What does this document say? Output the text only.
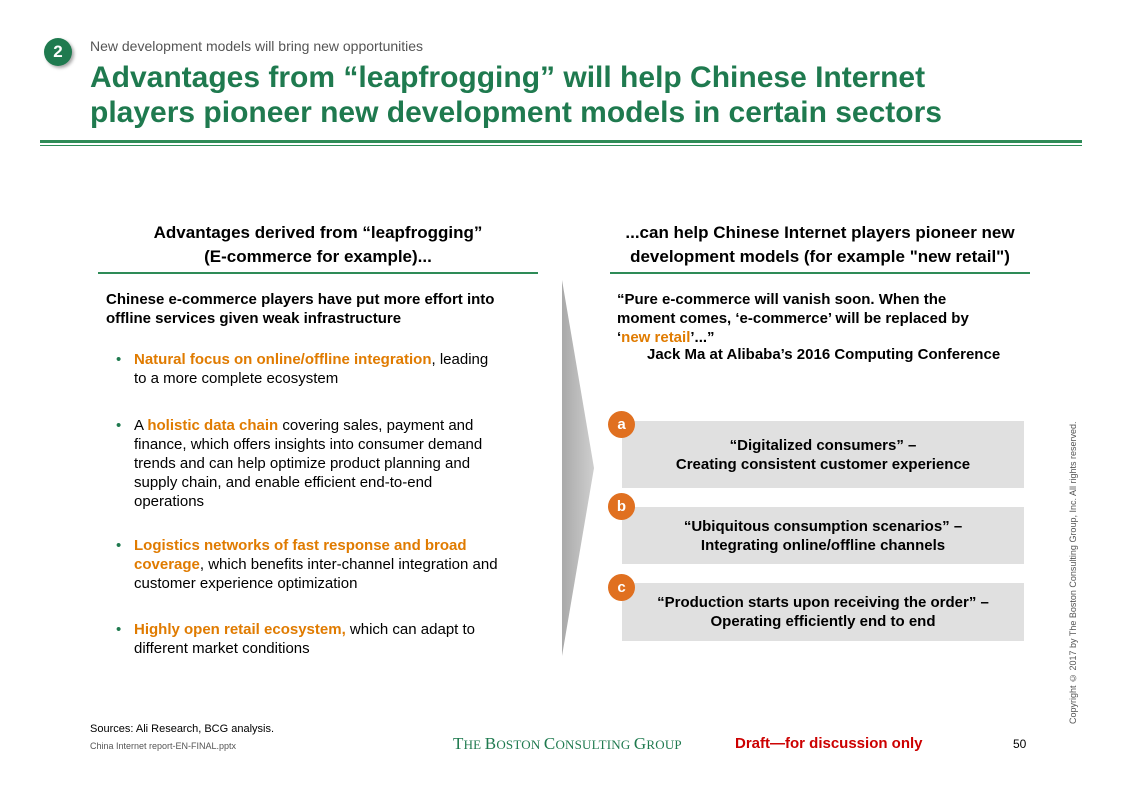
2	New development models will bring new opportunities
Advantages from “leapfrogging” will help Chinese Internet
players pioneer new development models in certain sectors
Advantages derived from “leapfrogging”
(E-commerce for example)...
Chinese e-commerce players have put more effort into
offline services given weak infrastructure
• Natural focus on online/offline integration, leading
to a more complete ecosystem
• A holistic data chain covering sales, payment and
finance, which offers insights into consumer demand
trends and can help optimize product planning and
supply chain, and enable efficient end-to-end
operations
• Logistics networks of fast response and broad
coverage, which benefits inter-channel integration and
customer experience optimization
• Highly open retail ecosystem, which can adapt to
different market conditions
...can help Chinese Internet players pioneer new
development models (for example "new retail")
“Pure e-commerce will vanish soon. When the
moment comes, ‘e-commerce’ will be replaced by
‘new retail’...”
Jack Ma at Alibaba’s 2016 Computing Conference
“Digitalized consumers” –
Creating consistent customer experience
a
“Ubiquitous consumption scenarios” –
Integrating online/offline channels
b
“Production starts upon receiving the order” –
Operating efficiently end to end
c
Sources: Ali Research, BCG analysis.
China Internet report-EN-FINAL.pptx	THE BOSTON CONSULTING GROUP	Draft—for discussion only	50
Copyright © 2017 by The Boston Consulting Group, Inc. All rights reserved.
